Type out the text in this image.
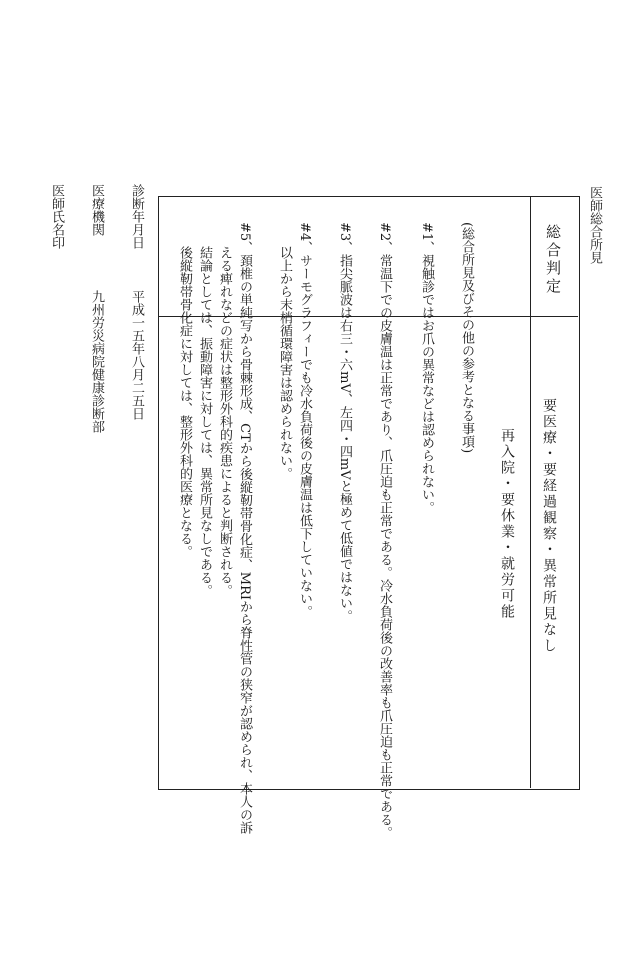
医師総合所見
総合判定
要医療・要経過観察・異常所見なし
再入院・要休業・就労可能
(総合所見及びその他の参考となる事項)
#1、視触診ではお爪の異常などは認められない。
#2、常温下での皮膚温は正常であり、爪圧迫も正常である。冷水負荷後の改善率も爪圧迫も正常である。
#3、指尖脈波は右三・六mV、左四・四mVと極めて低値ではない。
#4、サーモグラフィーでも冷水負荷後の皮膚温は低下していない。
以上から末梢循環障害は認められない。
#5、頚椎の単純写から骨棘形成、CTから後縦靭帯骨化症、MRIから脊性管の狭窄が認められ、本人の訴
える痺れなどの症状は整形外科的疾患によると判断される。
結論としては、振動障害に対しては、異常所見なしである。
後縦靭帯骨化症に対しては、整形外科的医療となる。
診断年月日
平成一五年八月二五日
医療機関
九州労災病院健康診断部
医師氏名印
